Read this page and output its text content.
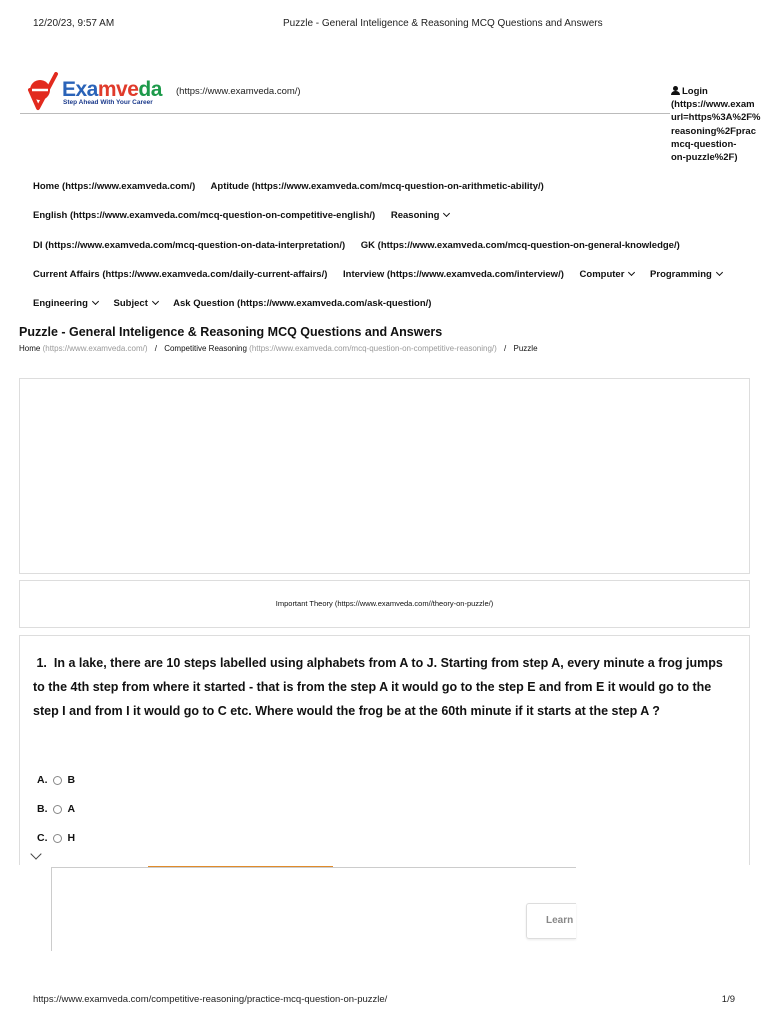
12/20/23, 9:57 AM	Puzzle - General Inteligence & Reasoning MCQ Questions and Answers
Examveda
Step Ahead With Your Career
(https://www.examveda.com/)	Login
(https://www.exam
url=https%3A%2F%
reasoning%2Fprac
mcq-question-
on-puzzle%2F)
Home (https://www.examveda.com/) Aptitude (https://www.examveda.com/mcq-question-on-arithmetic-ability/)
English (https://www.examveda.com/mcq-question-on-competitive-english/) Reasoning
DI (https://www.examveda.com/mcq-question-on-data-interpretation/) GK (https://www.examveda.com/mcq-question-on-general-knowledge/)
Current Affairs (https://www.examveda.com/daily-current-affairs/) Interview (https://www.examveda.com/interview/) Computer	Programming
Engineering	Subject	Ask Question (https://www.examveda.com/ask-question/)
Puzzle - General Inteligence & Reasoning MCQ Questions and Answers
Home (https://www.examveda.com/) / Competitive Reasoning (https://www.examveda.com/mcq-question-on-competitive-reasoning/) / Puzzle
Important Theory (https://www.examveda.com//theory-on-puzzle/)

1. In a lake, there are 10 steps labelled using alphabets from A to J. Starting from step A, every minute a frog jumps to the 4th step from where it started - that is from the step A it would go to the step E and from E it would go to the step I and from I it would go to C etc. Where would the frog be at the 60th minute if it starts at the step A ?

A. B
B. A
C. H
Learn
https://www.examveda.com/competitive-reasoning/practice-mcq-question-on-puzzle/	1/9
